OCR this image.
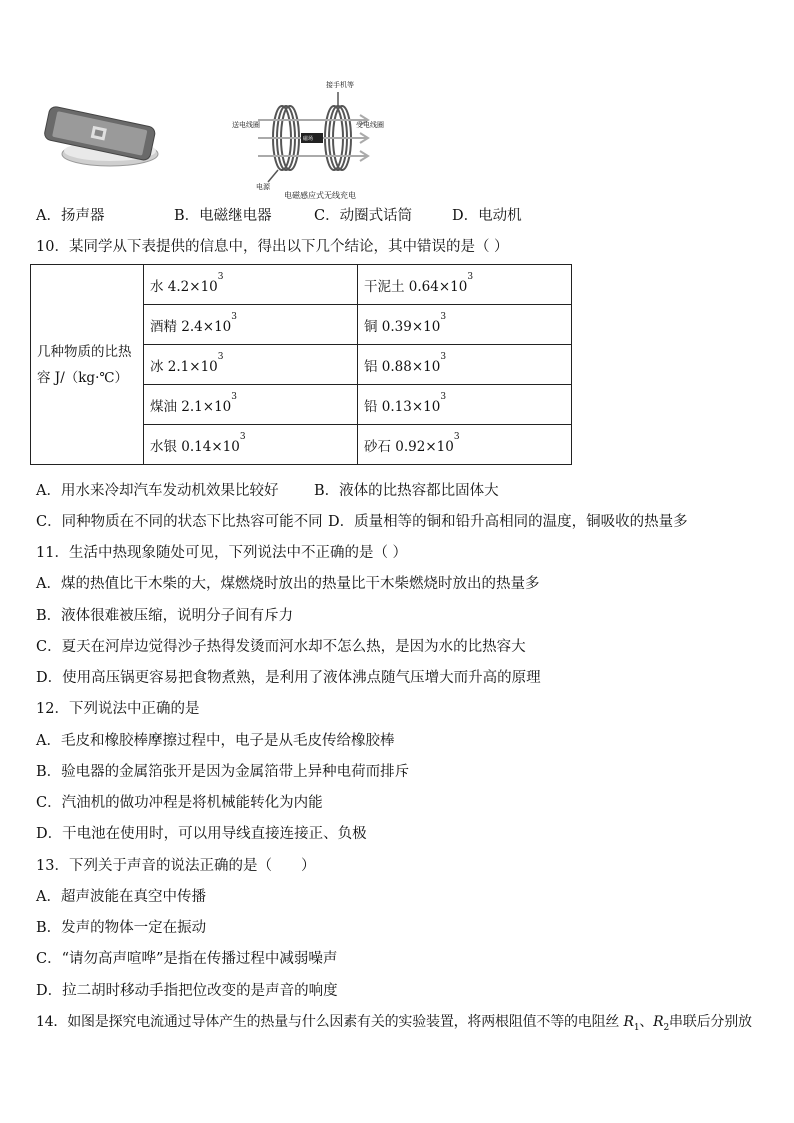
接手机等
送电线圈	受电线圈
磁场
电源
电磁感应式无线充电
A．扬声器	B．电磁继电器	C．动圈式话筒	D．电动机
10．某同学从下表提供的信息中，得出以下几个结论，其中错误的是（ ）
几种物质的比热
容 J/（kg·℃）	水 $4.2\times 10^3$	干泥土 $0.64\times 10^3$
	酒精 $2.4\times 10^3$	铜 $0.39\times 10^3$
	冰 $2.1\times 10^3$	铝 $0.88\times 10^3$
	煤油 $2.1\times 10^3$	铅 $0.13\times 10^3$
	水银 $0.14\times 10^3$	砂石 $0.92\times 10^3$
A．用水来冷却汽车发动机效果比较好 B．液体的比热容都比固体大
C．同种物质在不同的状态下比热容可能不同 D．质量相等的铜和铅升高相同的温度，铜吸收的热量多
11．生活中热现象随处可见，下列说法中不正确的是（ ）
A．煤的热值比干木柴的大，煤燃烧时放出的热量比干木柴燃烧时放出的热量多
B．液体很难被压缩，说明分子间有斥力
C．夏天在河岸边觉得沙子热得发烫而河水却不怎么热，是因为水的比热容大
D．使用高压锅更容易把食物煮熟，是利用了液体沸点随气压增大而升高的原理
12．下列说法中正确的是
A．毛皮和橡胶棒摩擦过程中，电子是从毛皮传给橡胶棒
B．验电器的金属箔张开是因为金属箔带上异种电荷而排斥
C．汽油机的做功冲程是将机械能转化为内能
D．干电池在使用时，可以用导线直接连接正、负极
13．下列关于声音的说法正确的是（　　）
A．超声波能在真空中传播
B．发声的物体一定在振动
C．“请勿高声喧哗”是指在传播过程中减弱噪声
D．拉二胡时移动手指把位改变的是声音的响度
14．如图是探究电流通过导体产生的热量与什么因素有关的实验装置，将两根阻值不等的电阻丝 $R_1$、$R_2$串联后分别放
